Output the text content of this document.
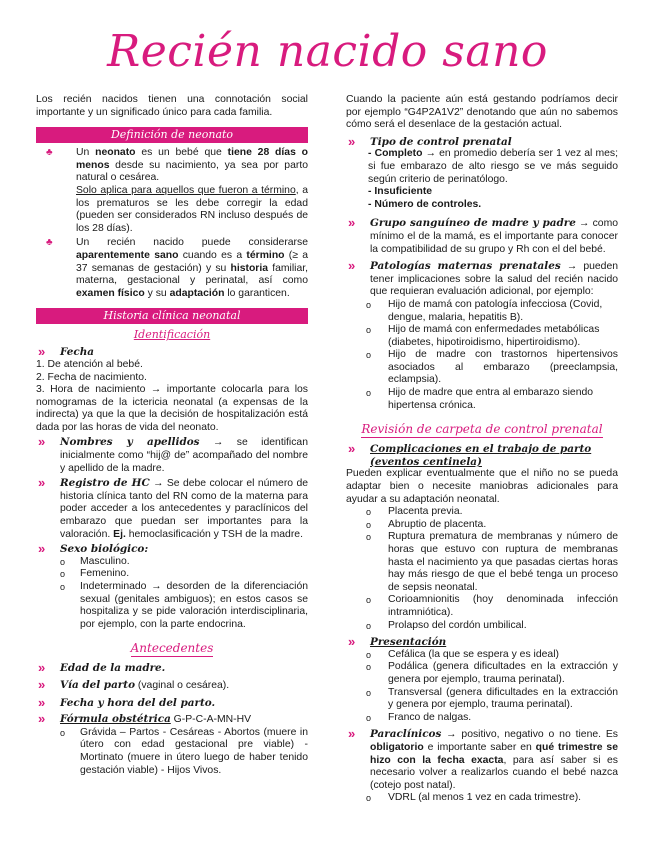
Recién nacido sano

Los recién nacidos tienen una connotación social importante y un significado único para cada familia.

Definición de neonato
♣	Un neonato es un bebé que tiene 28 días o menos desde su nacimiento, ya sea por parto natural o cesárea.
Solo aplica para aquellos que fueron a término, a los prematuros se les debe corregir la edad (pueden ser considerados RN incluso después de los 28 días).

♣	Un recién nacido puede considerarse aparentemente sano cuando es a término (≥ a 37 semanas de gestación) y su historia familiar, materna, gestacional y perinatal, así como examen físico y su adaptación lo garanticen.

Historia clínica neonatal
Identificación
»	Fecha

1. De atención al bebé.

2. Fecha de nacimiento.

3. Hora de nacimiento → importante colocarla para los nomogramas de la ictericia neonatal (a expensas de la indirecta) ya que la que la decisión de hospitalización está dada por las horas de vida del neonato.

»	Nombres y apellidos → se identifican inicialmente como “hij@ de” acompañado del nombre y apellido de la madre.

»	Registro de HC → Se debe colocar el número de historia clínica tanto del RN como de la materna para poder acceder a los antecedentes y paraclínicos del embarazo que puedan ser importantes para la valoración. Ej. hemoclasificación y TSH de la madre.

»	Sexo biológico:
o	Masculino.
o	Femenino.
o	Indeterminado → desorden de la diferenciación sexual (genitales ambiguos); en estos casos se hospitaliza y se pide valoración interdisciplinaria, por ejemplo, con la parte endocrina.
Antecedentes
»	Edad de la madre.
»	Vía del parto (vaginal o cesárea).

»	Fecha y hora del del parto.
»	Fórmula obstétrica G-P-C-A-MN-HV

o	Grávida – Partos - Cesáreas - Abortos (muere in útero con edad gestacional pre viable) - Mortinato (muere in útero luego de haber tenido gestación viable) - Hijos Vivos.

Cuando la paciente aún está gestando podríamos decir por ejemplo “G4P2A1V2” denotando que aún no sabemos cómo será el desenlace de la gestación actual.

»	Tipo de control prenatal

- Completo → en promedio debería ser 1 vez al mes; si fue embarazo de alto riesgo se ve más seguido según criterio de perinatólogo.

- Insuficiente

- Número de controles.

»	Grupo sanguíneo de madre y padre → como mínimo el de la mamá, es el importante para conocer la compatibilidad de su grupo y Rh con el del bebé.

»	Patologías maternas prenatales → pueden tener implicaciones sobre la salud del recién nacido que requieran evaluación adicional, por ejemplo:

o	Hijo de mamá con patología infecciosa (Covid, dengue, malaria, hepatitis B).
o	Hijo de mamá con enfermedades metabólicas (diabetes, hipotiroidismo, hipertiroidismo).
o	Hijo de madre con trastornos hipertensivos asociados al embarazo (preeclampsia, eclampsia).
o	Hijo de madre que entra al embarazo siendo hipertensa crónica.
Revisión de carpeta de control prenatal
»	Complicaciones en el trabajo de parto (eventos centinela)

Pueden explicar eventualmente que el niño no se pueda adaptar bien o necesite maniobras adicionales para ayudar a su adaptación neonatal.

o	Placenta previa.
o	Abruptio de placenta.
o	Ruptura prematura de membranas y número de horas que estuvo con ruptura de membranas hasta el nacimiento ya que pasadas ciertas horas hay más riesgo de que el bebé tenga un proceso de sepsis neonatal.
o	Corioamnionitis (hoy denominada infección intramniótica).
o	Prolapso del cordón umbilical.
»	Presentación
o	Cefálica (la que se espera y es ideal)
o	Podálica (genera dificultades en la extracción y genera por ejemplo, trauma perinatal).
o	Transversal (genera dificultades en la extracción y genera por ejemplo, trauma perinatal).
o	Franco de nalgas.
»	Paraclínicos → positivo, negativo o no tiene. Es obligatorio e importante saber en qué trimestre se hizo con la fecha exacta, para así saber si es necesario volver a realizarlos cuando el bebé nazca (cotejo post natal).

o	VDRL (al menos 1 vez en cada trimestre).
